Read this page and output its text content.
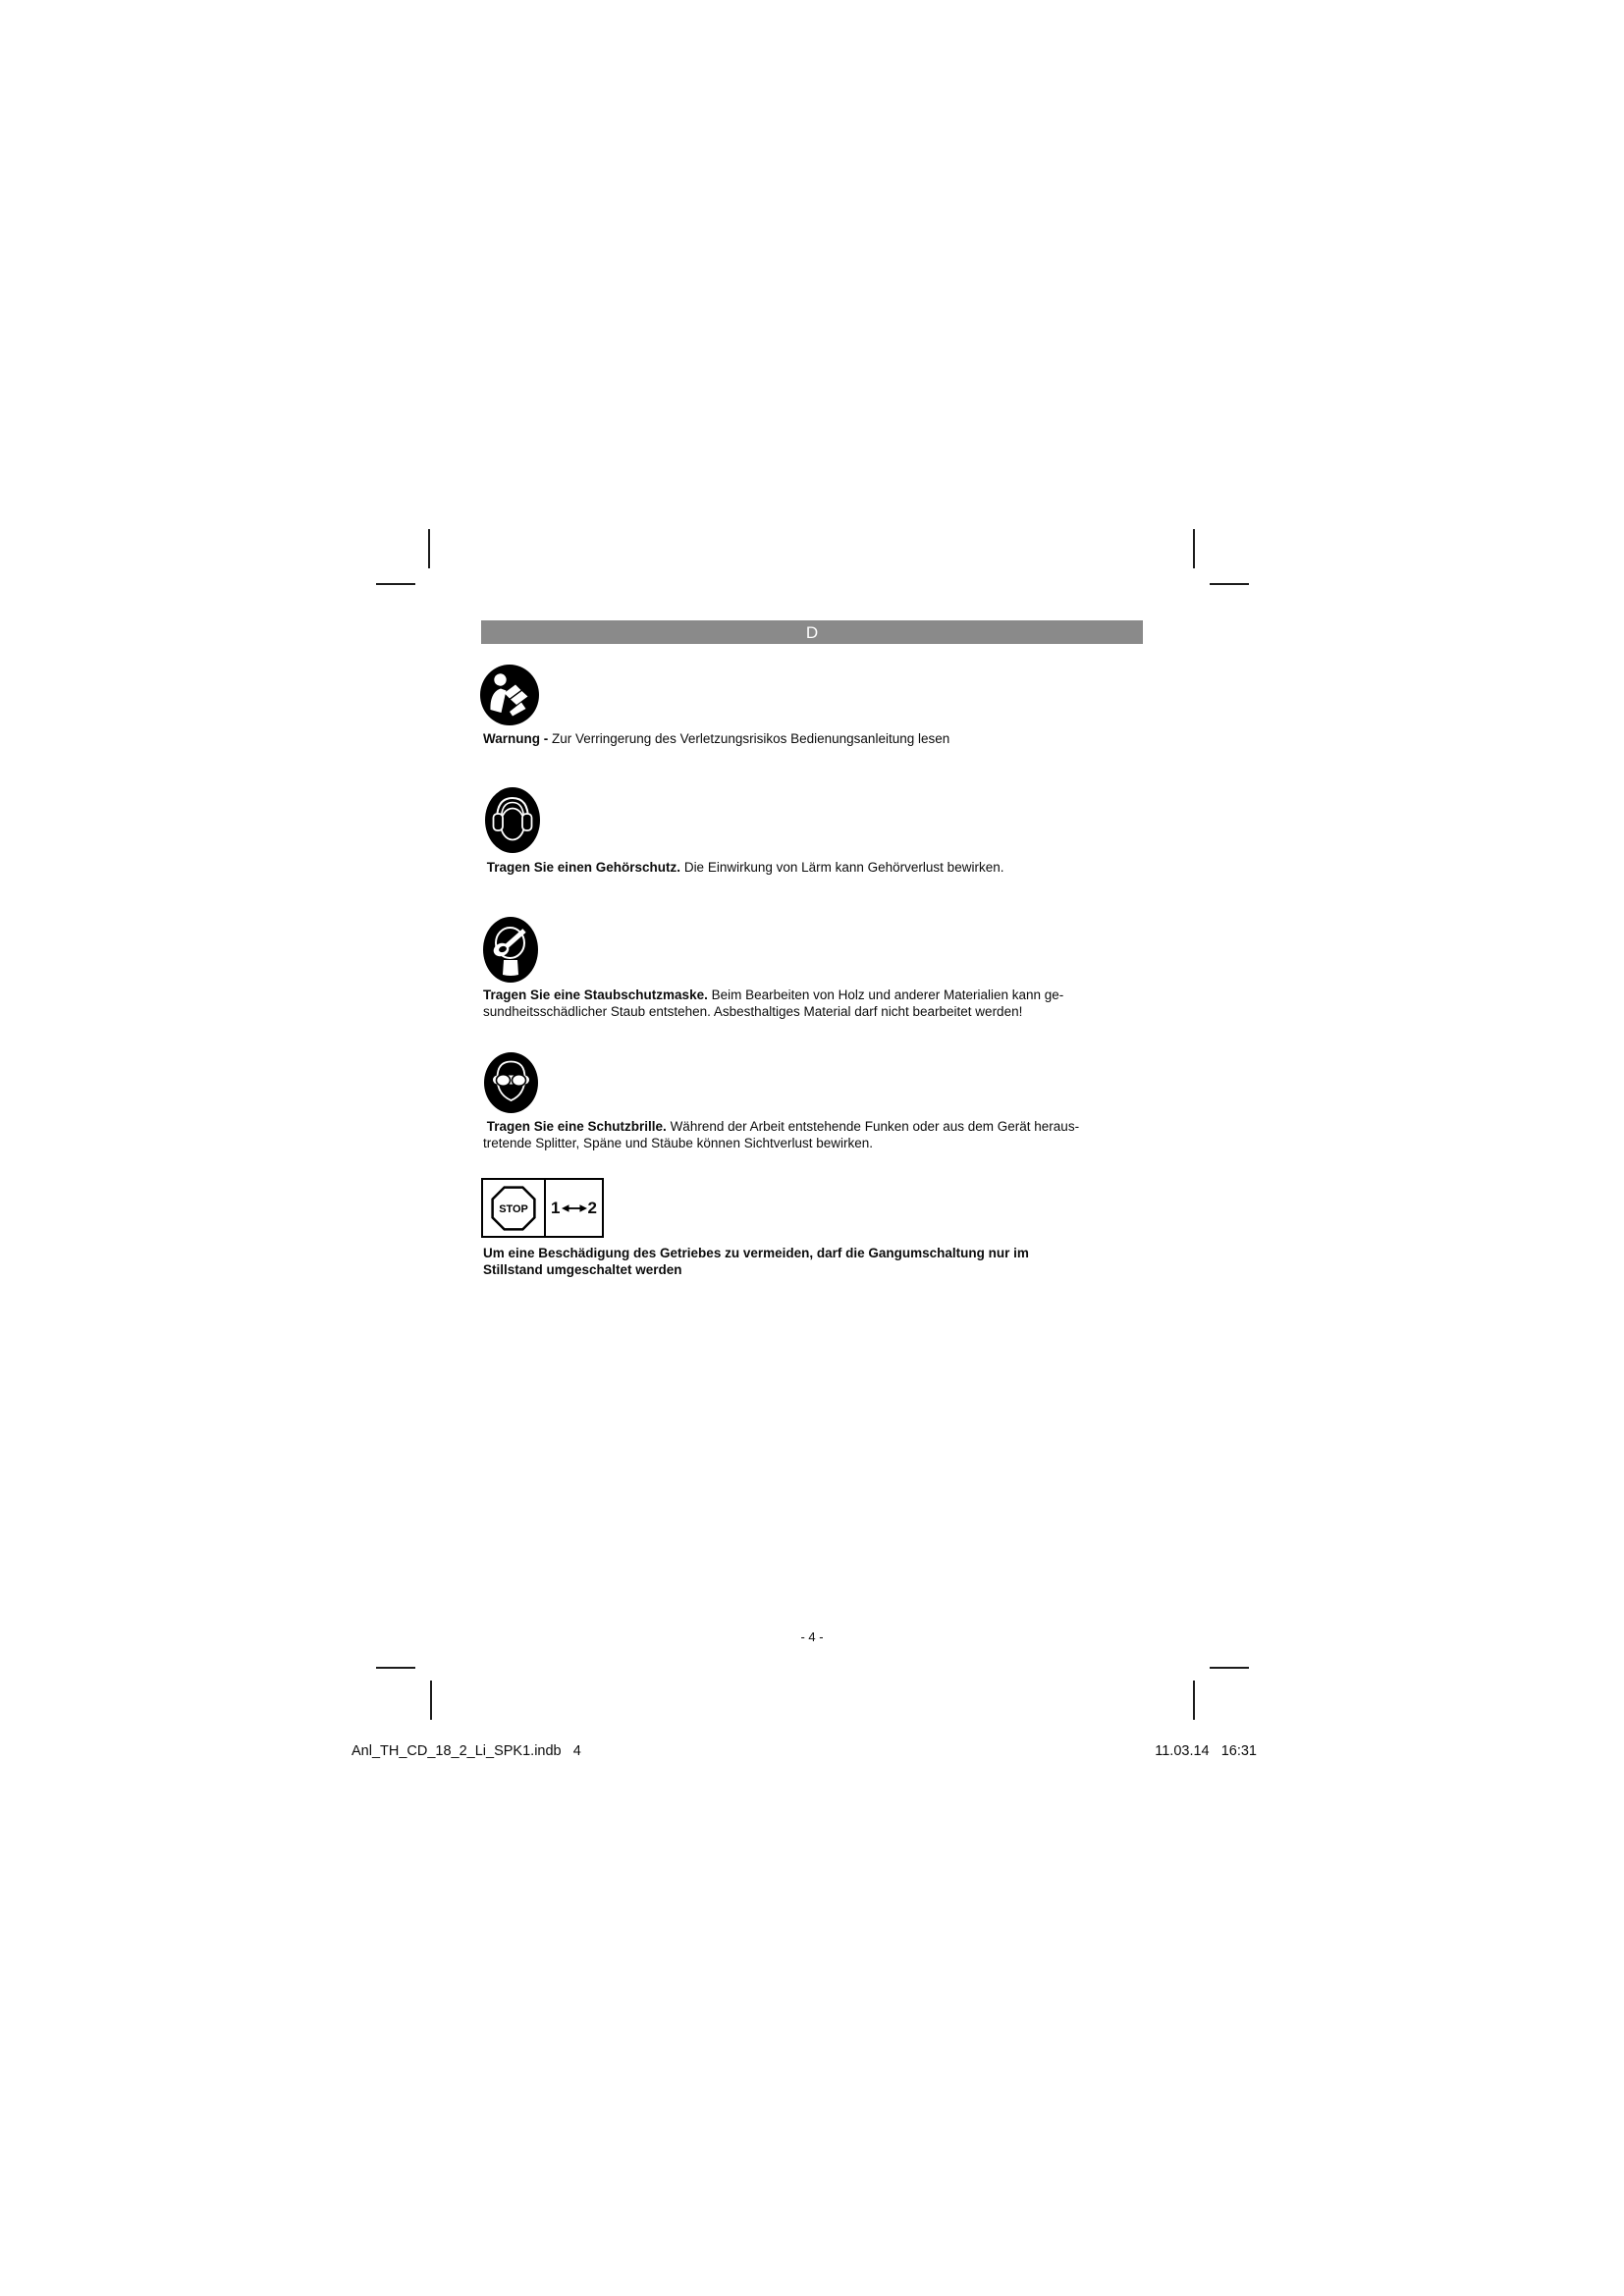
D
Warnung - Zur Verringerung des Verletzungsrisikos Bedienungsanleitung lesen
Tragen Sie einen Gehörschutz. Die Einwirkung von Lärm kann Gehörverlust bewirken.
Tragen Sie eine Staubschutzmaske. Beim Bearbeiten von Holz und anderer Materialien kann ge-
sundheitsschädlicher Staub entstehen. Asbesthaltiges Material darf nicht bearbeitet werden!
Tragen Sie eine Schutzbrille. Während der Arbeit entstehende Funken oder aus dem Gerät heraus-
tretende Splitter, Späne und Stäube können Sichtverlust bewirken.
STOP 1 2
Um eine Beschädigung des Getriebes zu vermeiden, darf die Gangumschaltung nur im
Stillstand umgeschaltet werden
- 4 -
Anl_TH_CD_18_2_Li_SPK1.indb   4	11.03.14   16:31
